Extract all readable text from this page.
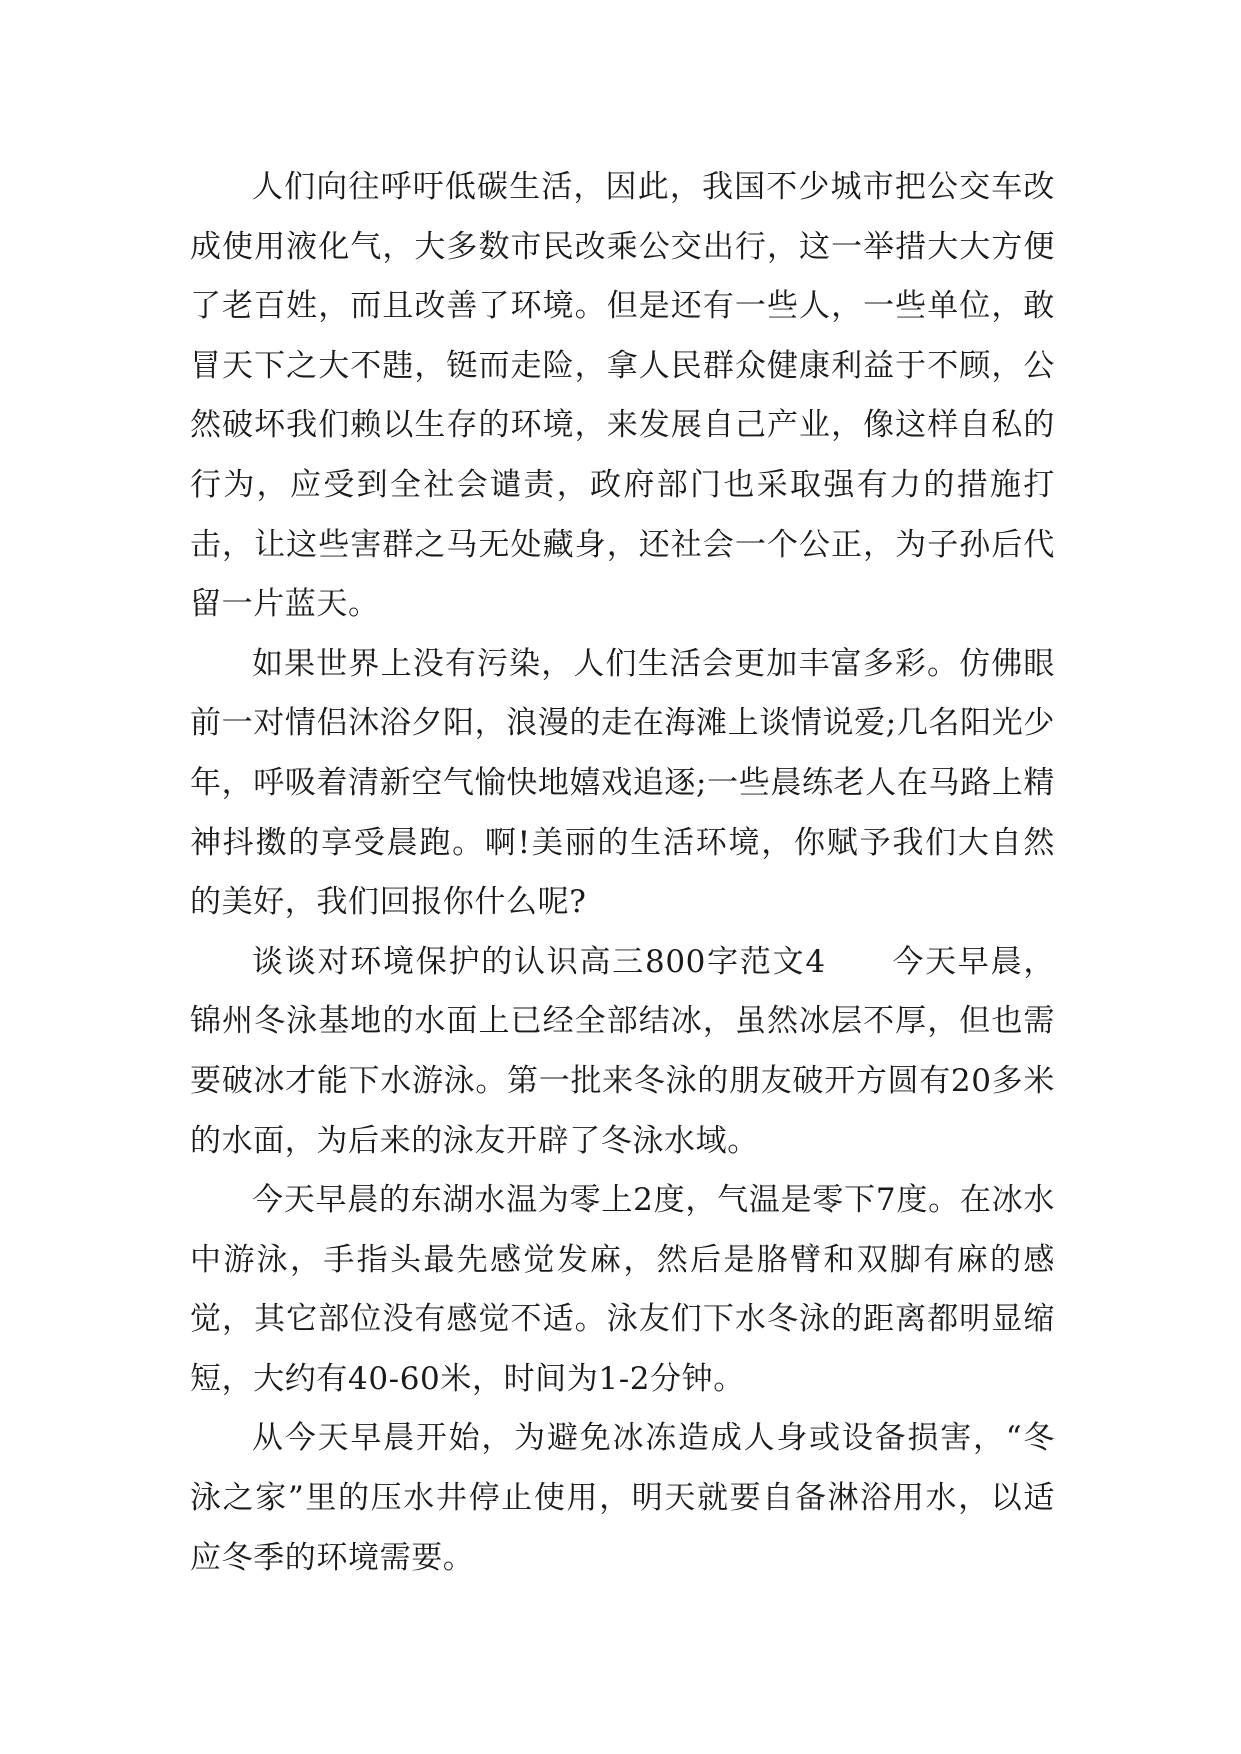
人们向往呼吁低碳生活，因此，我国不少城市把公交车改成使用液化气，大多数市民改乘公交出行，这一举措大大方便了老百姓，而且改善了环境。但是还有一些人，一些单位，敢冒天下之大不韪，铤而走险，拿人民群众健康利益于不顾，公然破坏我们赖以生存的环境，来发展自己产业，像这样自私的行为，应受到全社会谴责，政府部门也采取强有力的措施打击，让这些害群之马无处藏身，还社会一个公正，为子孙后代留一片蓝天。

如果世界上没有污染，人们生活会更加丰富多彩。仿佛眼前一对情侣沐浴夕阳，浪漫的走在海滩上谈情说爱;几名阳光少年，呼吸着清新空气愉快地嬉戏追逐;一些晨练老人在马路上精神抖擞的享受晨跑。啊!美丽的生活环境，你赋予我们大自然的美好，我们回报你什么呢?

谈谈对环境保护的认识高三800字范文4　　今天早晨，锦州冬泳基地的水面上已经全部结冰，虽然冰层不厚，但也需要破冰才能下水游泳。第一批来冬泳的朋友破开方圆有20多米的水面，为后来的泳友开辟了冬泳水域。

今天早晨的东湖水温为零上2度，气温是零下7度。在冰水中游泳，手指头最先感觉发麻，然后是胳臂和双脚有麻的感觉，其它部位没有感觉不适。泳友们下水冬泳的距离都明显缩短，大约有40-60米，时间为1-2分钟。

从今天早晨开始，为避免冰冻造成人身或设备损害，“冬泳之家”里的压水井停止使用，明天就要自备淋浴用水，以适应冬季的环境需要。
